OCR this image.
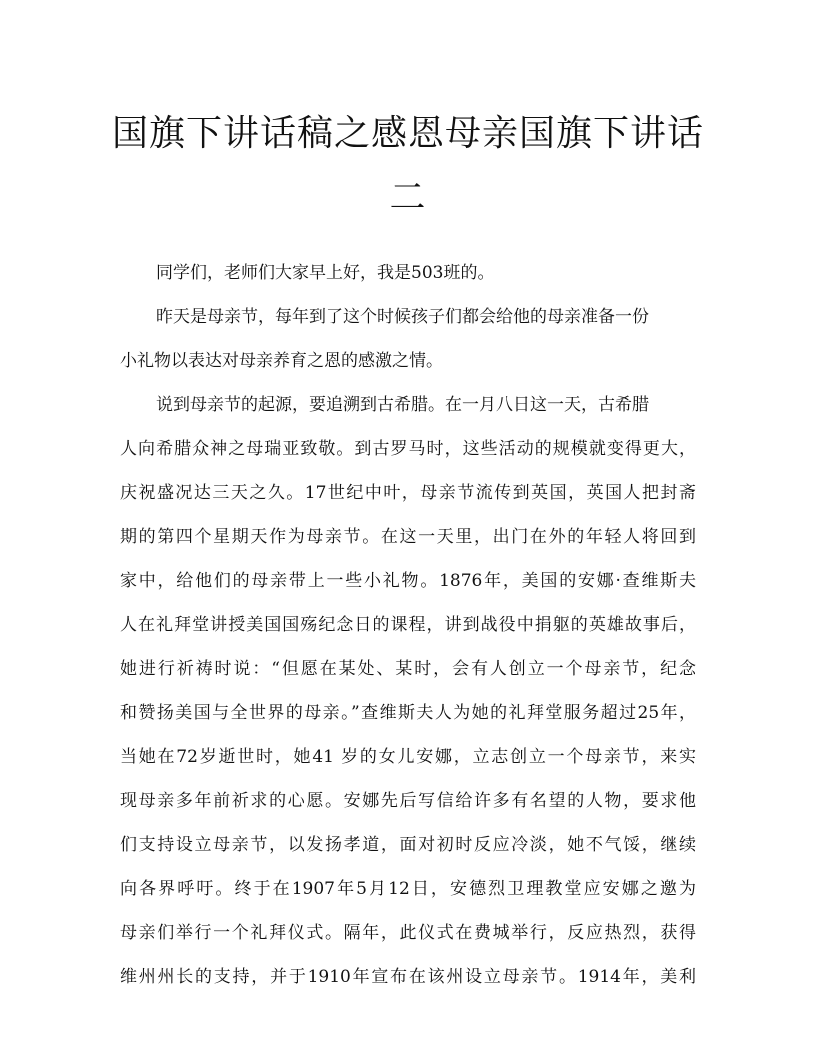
国旗下讲话稿之感恩母亲国旗下讲话
二
同学们，老师们大家早上好，我是503班的。
昨天是母亲节，每年到了这个时候孩子们都会给他的母亲准备一份
小礼物以表达对母亲养育之恩的感激之情。
说到母亲节的起源，要追溯到古希腊。在一月八日这一天，古希腊
人向希腊众神之母瑞亚致敬。到古罗马时，这些活动的规模就变得更大，
庆祝盛况达三天之久。17世纪中叶，母亲节流传到英国，英国人把封斋
期的第四个星期天作为母亲节。在这一天里，出门在外的年轻人将回到
家中，给他们的母亲带上一些小礼物。1876年，美国的安娜·查维斯夫
人在礼拜堂讲授美国国殇纪念日的课程，讲到战役中捐躯的英雄故事后，
她进行祈祷时说：“但愿在某处、某时，会有人创立一个母亲节，纪念
和赞扬美国与全世界的母亲。”查维斯夫人为她的礼拜堂服务超过25年，
当她在72岁逝世时，她41 岁的女儿安娜，立志创立一个母亲节，来实
现母亲多年前祈求的心愿。安娜先后写信给许多有名望的人物，要求他
们支持设立母亲节，以发扬孝道，面对初时反应冷淡，她不气馁，继续
向各界呼吁。终于在1907年5月12日，安德烈卫理教堂应安娜之邀为
母亲们举行一个礼拜仪式。隔年，此仪式在费城举行，反应热烈，获得
维州州长的支持，并于1910年宣布在该州设立母亲节。1914年，美利
